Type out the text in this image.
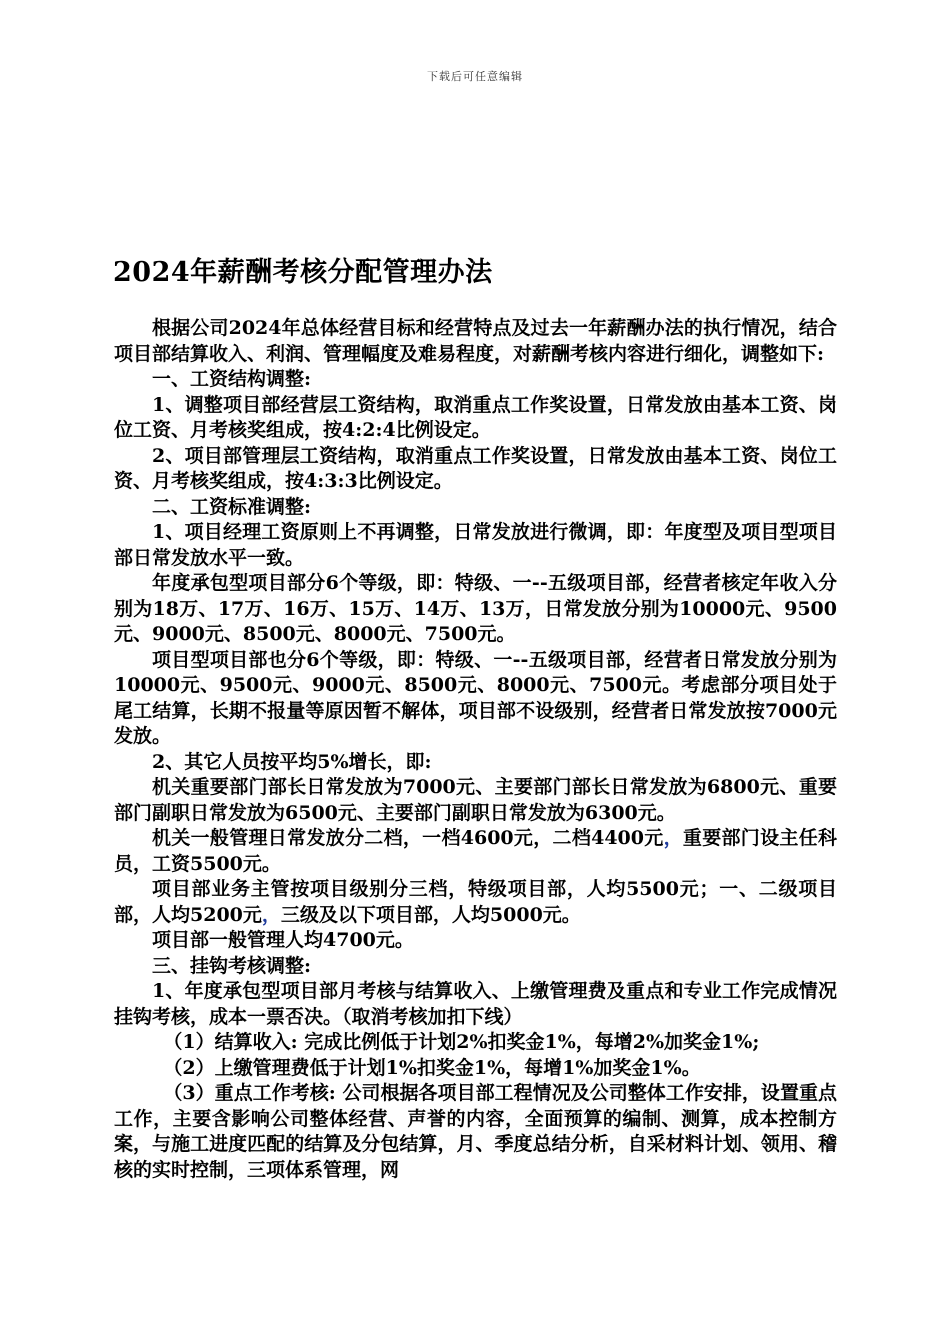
下载后可任意编辑
2024年薪酬考核分配管理办法

根据公司2024年总体经营目标和经营特点及过去一年薪酬办法的执行情况，结合项目部结算收入、利润、管理幅度及难易程度，对薪酬考核内容进行细化，调整如下:

一、工资结构调整:

1、调整项目部经营层工资结构，取消重点工作奖设置，日常发放由基本工资、岗位工资、月考核奖组成，按4:2:4比例设定。

2、项目部管理层工资结构，取消重点工作奖设置，日常发放由基本工资、岗位工资、月考核奖组成，按4:3:3比例设定。

二、工资标准调整:

1、项目经理工资原则上不再调整，日常发放进行微调，即：年度型及项目型项目部日常发放水平一致。

年度承包型项目部分6个等级，即：特级、一--五级项目部，经营者核定年收入分别为18万、17万、16万、15万、14万、13万，日常发放分别为10000元、9500元、9000元、8500元、8000元、7500元。

项目型项目部也分6个等级，即：特级、一--五级项目部，经营者日常发放分别为10000元、9500元、9000元、8500元、8000元、7500元。考虑部分项目处于尾工结算，长期不报量等原因暂不解体，项目部不设级别，经营者日常发放按7000元发放。

2、其它人员按平均5%增长，即:

机关重要部门部长日常发放为7000元、主要部门部长日常发放为6800元、重要部门副职日常发放为6500元、主要部门副职日常发放为6300元。

机关一般管理日常发放分二档，一档4600元，二档4400元，重要部门设主任科员，工资5500元。

项目部业务主管按项目级别分三档，特级项目部，人均5500元；一、二级项目部，人均5200元，三级及以下项目部，人均5000元。

项目部一般管理人均4700元。

三、挂钩考核调整:

1、年度承包型项目部月考核与结算收入、上缴管理费及重点和专业工作完成情况挂钩考核，成本一票否决。（取消考核加扣下线）

（1）结算收入: 完成比例低于计划2%扣奖金1%，每增2%加奖金1%;

（2）上缴管理费低于计划1%扣奖金1%，每增1%加奖金1%。

（3）重点工作考核: 公司根据各项目部工程情况及公司整体工作安排，设置重点工作，主要含影响公司整体经营、声誉的内容，全面预算的编制、测算，成本控制方案，与施工进度匹配的结算及分包结算，月、季度总结分析，自采材料计划、领用、稽核的实时控制，三项体系管理，网
